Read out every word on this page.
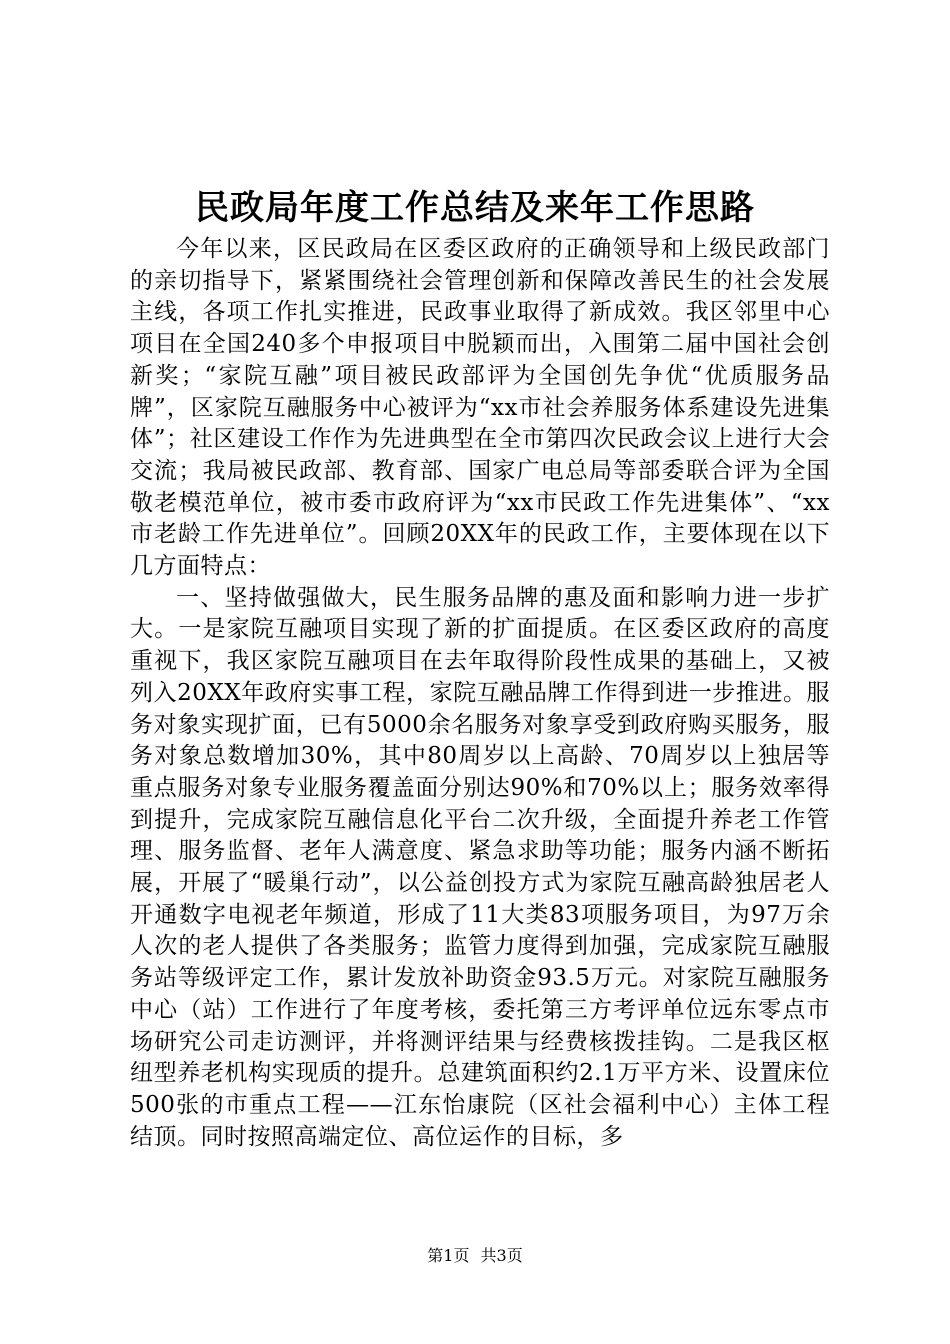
民政局年度工作总结及来年工作思路

今年以来，区民政局在区委区政府的正确领导和上级民政部门的亲切指导下，紧紧围绕社会管理创新和保障改善民生的社会发展主线，各项工作扎实推进，民政事业取得了新成效。我区邻里中心项目在全国240多个申报项目中脱颖而出，入围第二届中国社会创新奖；“家院互融”项目被民政部评为全国创先争优“优质服务品牌”，区家院互融服务中心被评为“xx市社会养服务体系建设先进集体”；社区建设工作作为先进典型在全市第四次民政会议上进行大会交流；我局被民政部、教育部、国家广电总局等部委联合评为全国敬老模范单位，被市委市政府评为“xx市民政工作先进集体”、“xx市老龄工作先进单位”。回顾20XX年的民政工作，主要体现在以下几方面特点：

一、坚持做强做大，民生服务品牌的惠及面和影响力进一步扩大。一是家院互融项目实现了新的扩面提质。在区委区政府的高度重视下，我区家院互融项目在去年取得阶段性成果的基础上，又被列入20XX年政府实事工程，家院互融品牌工作得到进一步推进。服务对象实现扩面，已有5000余名服务对象享受到政府购买服务，服务对象总数增加30%，其中80周岁以上高龄、70周岁以上独居等重点服务对象专业服务覆盖面分别达90%和70%以上；服务效率得到提升，完成家院互融信息化平台二次升级，全面提升养老工作管理、服务监督、老年人满意度、紧急求助等功能；服务内涵不断拓展，开展了“暖巢行动”，以公益创投方式为家院互融高龄独居老人开通数字电视老年频道，形成了11大类83项服务项目，为97万余人次的老人提供了各类服务；监管力度得到加强，完成家院互融服务站等级评定工作，累计发放补助资金93.5万元。对家院互融服务中心（站）工作进行了年度考核，委托第三方考评单位远东零点市场研究公司走访测评，并将测评结果与经费核拨挂钩。二是我区枢纽型养老机构实现质的提升。总建筑面积约2.1万平方米、设置床位500张的市重点工程——江东怡康院（区社会福利中心）主体工程结顶。同时按照高端定位、高位运作的目标，多

第1页 共3页
